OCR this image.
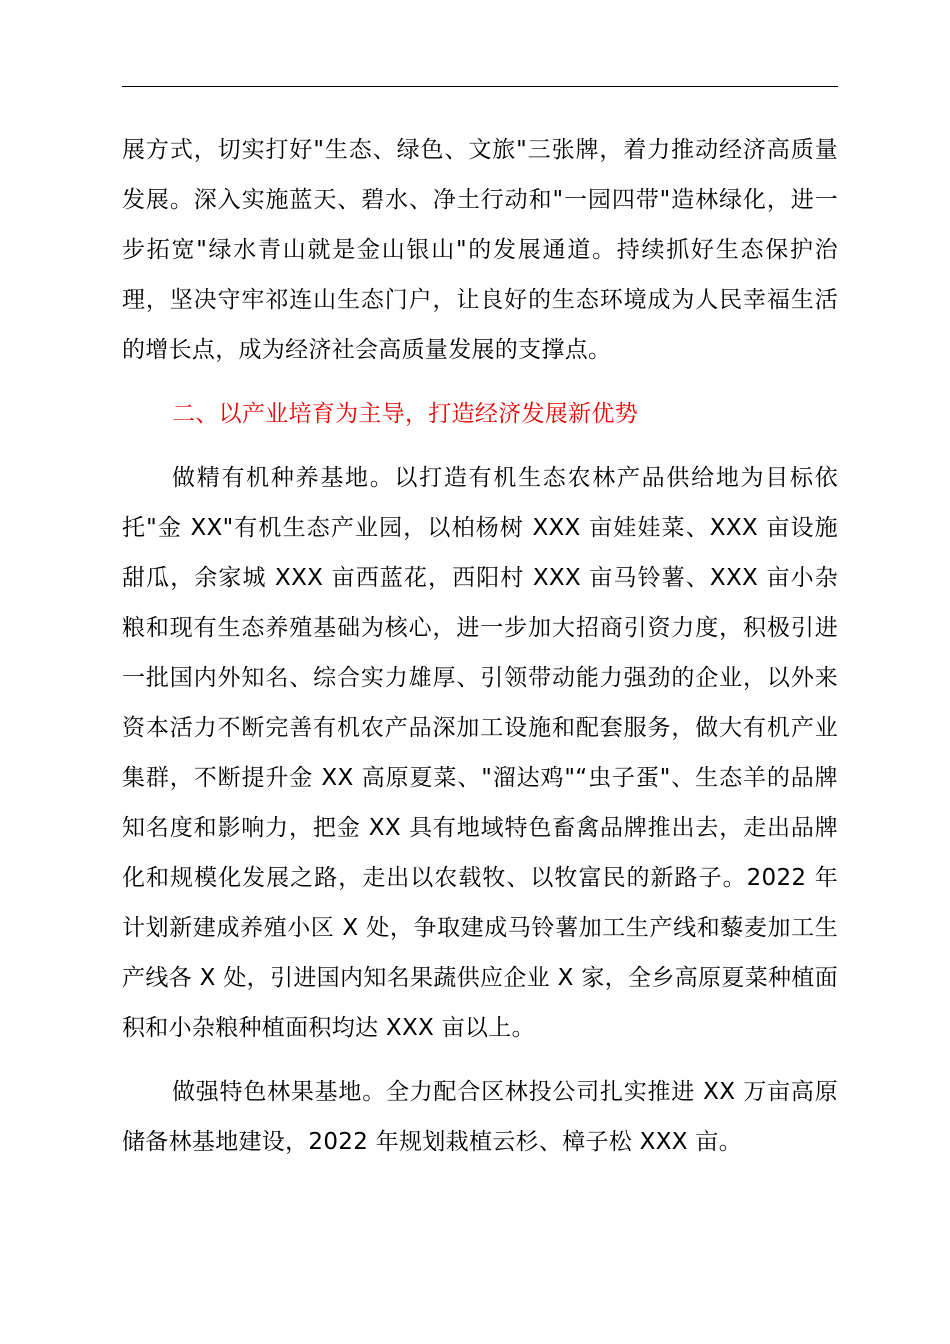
展方式，切实打好"生态、绿色、文旅"三张牌，着力推动经济高质量发展。深入实施蓝天、碧水、净土行动和"一园四带"造林绿化，进一步拓宽"绿水青山就是金山银山"的发展通道。持续抓好生态保护治理，坚决守牢祁连山生态门户，让良好的生态环境成为人民幸福生活的增长点，成为经济社会高质量发展的支撑点。

二、以产业培育为主导，打造经济发展新优势

做精有机种养基地。以打造有机生态农林产品供给地为目标依托"金 XX"有机生态产业园，以柏杨树 XXX 亩娃娃菜、XXX 亩设施甜瓜，余家城 XXX 亩西蓝花，西阳村 XXX 亩马铃薯、XXX 亩小杂粮和现有生态养殖基础为核心，进一步加大招商引资力度，积极引进一批国内外知名、综合实力雄厚、引领带动能力强劲的企业，以外来资本活力不断完善有机农产品深加工设施和配套服务，做大有机产业集群，不断提升金 XX 高原夏菜、"溜达鸡"“虫子蛋"、生态羊的品牌知名度和影响力，把金 XX 具有地域特色畜禽品牌推出去，走出品牌化和规模化发展之路，走出以农载牧、以牧富民的新路子。2022 年计划新建成养殖小区 X 处，争取建成马铃薯加工生产线和藜麦加工生产线各 X 处，引进国内知名果蔬供应企业 X 家，全乡高原夏菜种植面积和小杂粮种植面积均达 XXX 亩以上。

做强特色林果基地。全力配合区林投公司扎实推进 XX 万亩高原储备林基地建设，2022 年规划栽植云杉、樟子松 XXX 亩。
